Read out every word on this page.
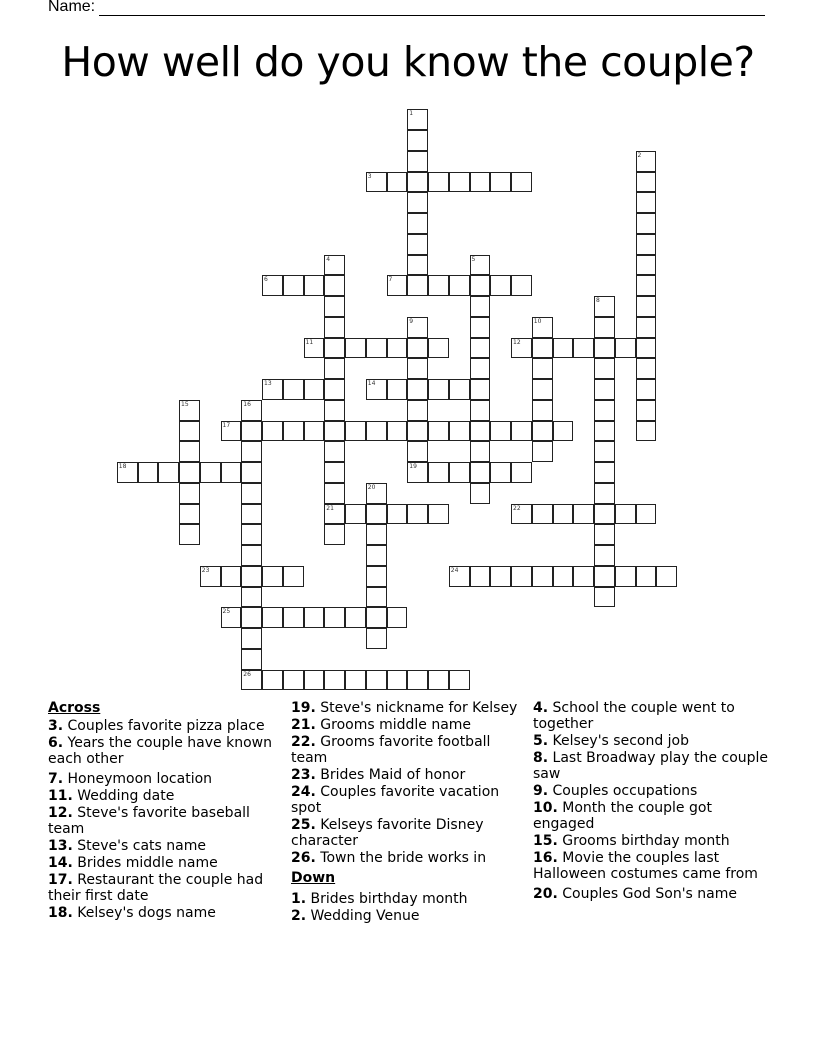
Name:
How well do you know the couple?
1
2
3
4
21
5
6	7
8
9
19
10
11	12
13	14
15	16
26
17
18
20
22
23	24
25
Across
3. Couples favorite pizza place
6. Years the couple have known each other
7. Honeymoon location
11. Wedding date
12. Steve's favorite baseball team
13. Steve's cats name
14. Brides middle name
17. Restaurant the couple had their first date
18. Kelsey's dogs name
19. Steve's nickname for Kelsey
21. Grooms middle name
22. Grooms favorite football team
23. Brides Maid of honor
24. Couples favorite vacation spot
25. Kelseys favorite Disney character
26. Town the bride works in
Down
1. Brides birthday month
2. Wedding Venue
4. School the couple went to together
5. Kelsey's second job
8. Last Broadway play the couple saw
9. Couples occupations
10. Month the couple got engaged
15. Grooms birthday month
16. Movie the couples last Halloween costumes came from
20. Couples God Son's name
